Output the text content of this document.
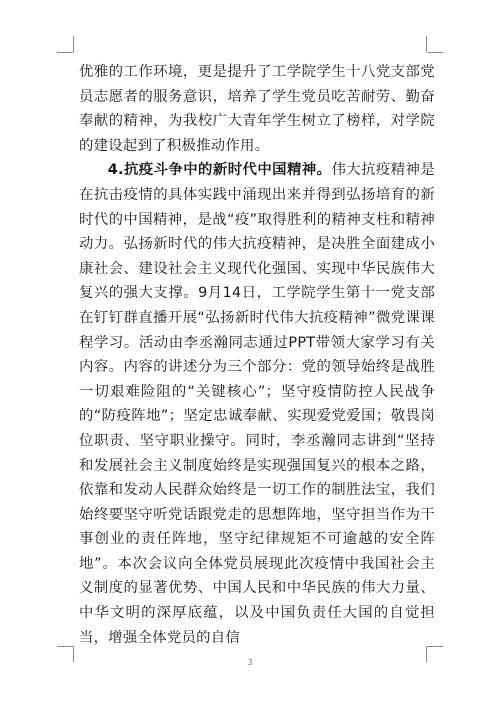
优雅的工作环境，更是提升了工学院学生十八党支部党员志愿者的服务意识，培养了学生党员吃苦耐劳、勤奋奉献的精神，为我校广大青年学生树立了榜样，对学院的建设起到了积极推动作用。

4.抗疫斗争中的新时代中国精神。伟大抗疫精神是在抗击疫情的具体实践中涌现出来并得到弘扬培育的新时代的中国精神，是战“疫”取得胜利的精神支柱和精神动力。弘扬新时代的伟大抗疫精神，是决胜全面建成小康社会、建设社会主义现代化强国、实现中华民族伟大复兴的强大支撑。9月14日，工学院学生第十一党支部在钉钉群直播开展“弘扬新时代伟大抗疫精神”微党课课程学习。活动由李丞瀚同志通过PPT带领大家学习有关内容。内容的讲述分为三个部分：党的领导始终是战胜一切艰难险阻的“关键核心”；坚守疫情防控人民战争的“防疫阵地”；坚定忠诚奉献、实现爱党爱国；敬畏岗位职责、坚守职业操守。同时，李丞瀚同志讲到“坚持和发展社会主义制度始终是实现强国复兴的根本之路，依靠和发动人民群众始终是一切工作的制胜法宝，我们始终要坚守听党话跟党走的思想阵地，坚守担当作为干事创业的责任阵地，坚守纪律规矩不可逾越的安全阵地”。本次会议向全体党员展现此次疫情中我国社会主义制度的显著优势、中国人民和中华民族的伟大力量、中华文明的深厚底蕴，以及中国负责任大国的自觉担当，增强全体党员的自信

3
